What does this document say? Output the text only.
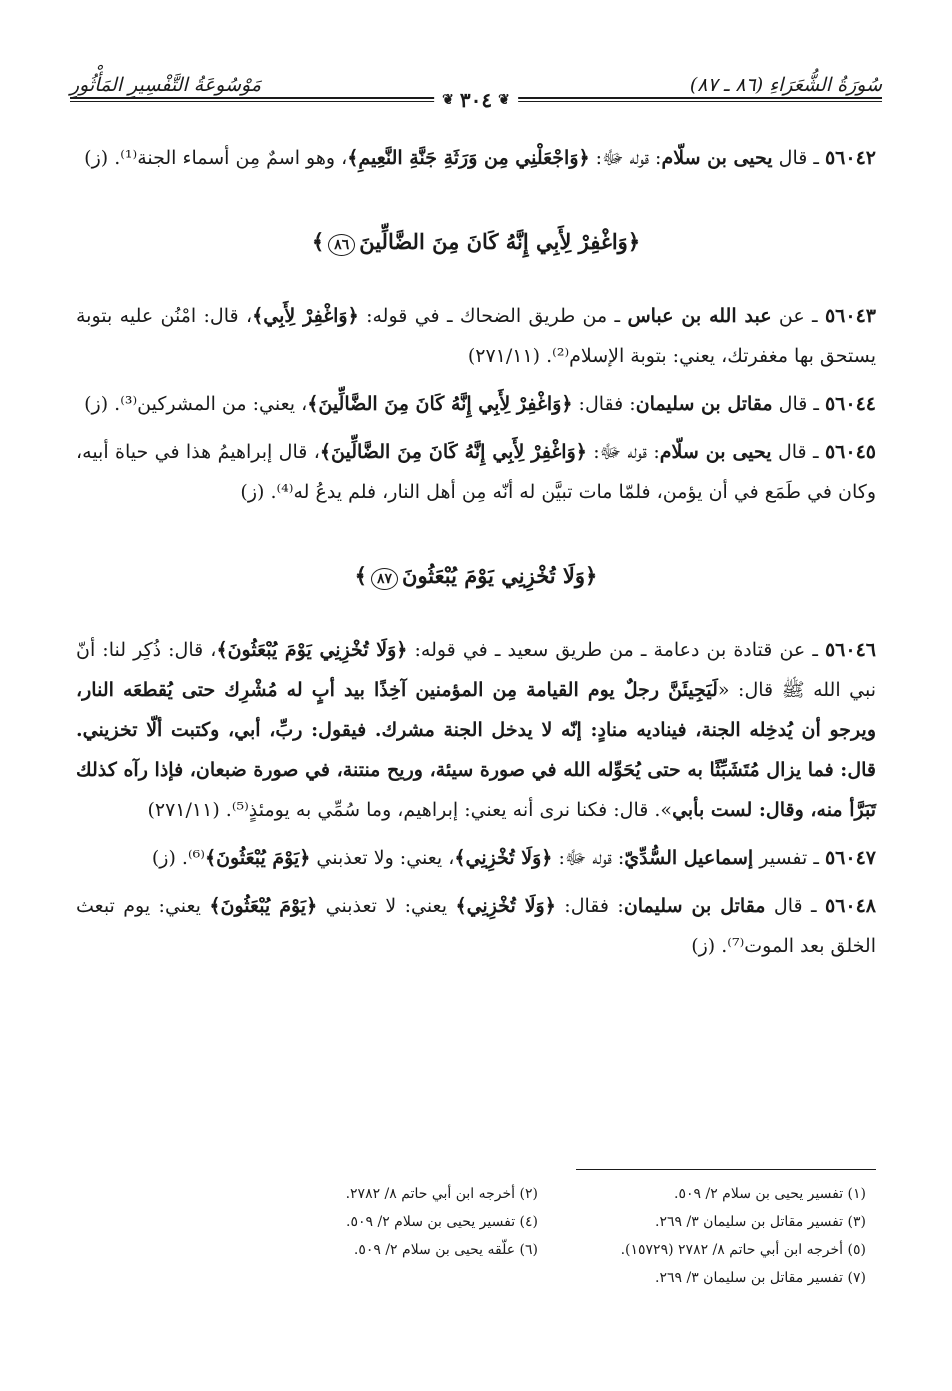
سُورَةُ الشُّعَرَاءِ (٨٦ ـ ٨٧)
مَوْسُوعَةُ التَّفْسِيرِ المَأْثُورِ
❦
٣٠٤
❦

٥٦٠٤٢ ـ قال يحيى بن سلّام: قوله ﷻ: ﴿وَاجْعَلْنِي مِن وَرَثَةِ جَنَّةِ النَّعِيمِ﴾، وهو اسمٌ مِن أسماء الجنة⁽¹⁾. (ز)

﴿وَاغْفِرْ لِأَبِي إِنَّهُ كَانَ مِنَ الضَّالِّينَ٨٦﴾

٥٦٠٤٣ ـ عن عبد الله بن عباس ـ من طريق الضحاك ـ في قوله: ﴿وَاغْفِرْ لِأَبِي﴾، قال: امْنُن عليه بتوبة يستحق بها مغفرتك، يعني: بتوبة الإسلام⁽²⁾. (٢٧١/١١)

٥٦٠٤٤ ـ قال مقاتل بن سليمان: فقال: ﴿وَاغْفِرْ لِأَبِي إِنَّهُ كَانَ مِنَ الضَّالِّينَ﴾، يعني: من المشركين⁽³⁾. (ز)

٥٦٠٤٥ ـ قال يحيى بن سلّام: قوله ﷻ: ﴿وَاغْفِرْ لِأَبِي إِنَّهُ كَانَ مِنَ الضَّالِّينَ﴾، قال إبراهيمُ هذا في حياة أبيه، وكان في طَمَع في أن يؤمن، فلمّا مات تبيَّن له أنّه مِن أهل النار، فلم يدعُ له⁽⁴⁾. (ز)

﴿وَلَا تُخْزِنِي يَوْمَ يُبْعَثُونَ٨٧﴾

٥٦٠٤٦ ـ عن قتادة بن دعامة ـ من طريق سعيد ـ في قوله: ﴿وَلَا تُخْزِنِي يَوْمَ يُبْعَثُونَ﴾، قال: ذُكِر لنا: أنّ نبي الله ﷺ قال: «لَيَجِيئَنَّ رجلٌ يوم القيامة مِن المؤمنين آخِذًا بيد أبٍ له مُشْرِك حتى يُقطعَه النار، ويرجو أن يُدخِله الجنة، فيناديه منادٍ: إنّه لا يدخل الجنة مشرك. فيقول: ربِّ، أبي، وكتبت ألّا تخزيني. قال: فما يزال مُتَشَبِّثًا به حتى يُحَوِّله الله في صورة سيئة، وريح منتنة، في صورة ضبعان، فإذا رآه كذلك تَبَرَّأ منه، وقال: لست بأبي». قال: فكنا نرى أنه يعني: إبراهيم، وما سُمِّي به يومئذٍ⁽⁵⁾. (٢٧١/١١)

٥٦٠٤٧ ـ تفسير إسماعيل السُّدِّيّ: قوله ﷻ: ﴿وَلَا تُخْزِنِي﴾، يعني: ولا تعذبني ﴿يَوْمَ يُبْعَثُونَ﴾⁽⁶⁾. (ز)

٥٦٠٤٨ ـ قال مقاتل بن سليمان: فقال: ﴿وَلَا تُخْزِنِي﴾ يعني: لا تعذبني ﴿يَوْمَ يُبْعَثُونَ﴾ يعني: يوم تبعث الخلق بعد الموت⁽⁷⁾. (ز)

(١) تفسير يحيى بن سلام ٢/ ٥٠٩.
(٢) أخرجه ابن أبي حاتم ٨/ ٢٧٨٢.
(٣) تفسير مقاتل بن سليمان ٣/ ٢٦٩.
(٤) تفسير يحيى بن سلام ٢/ ٥٠٩.
(٥) أخرجه ابن أبي حاتم ٨/ ٢٧٨٢ (١٥٧٢٩).
(٦) علّقه يحيى بن سلام ٢/ ٥٠٩.
(٧) تفسير مقاتل بن سليمان ٣/ ٢٦٩.
